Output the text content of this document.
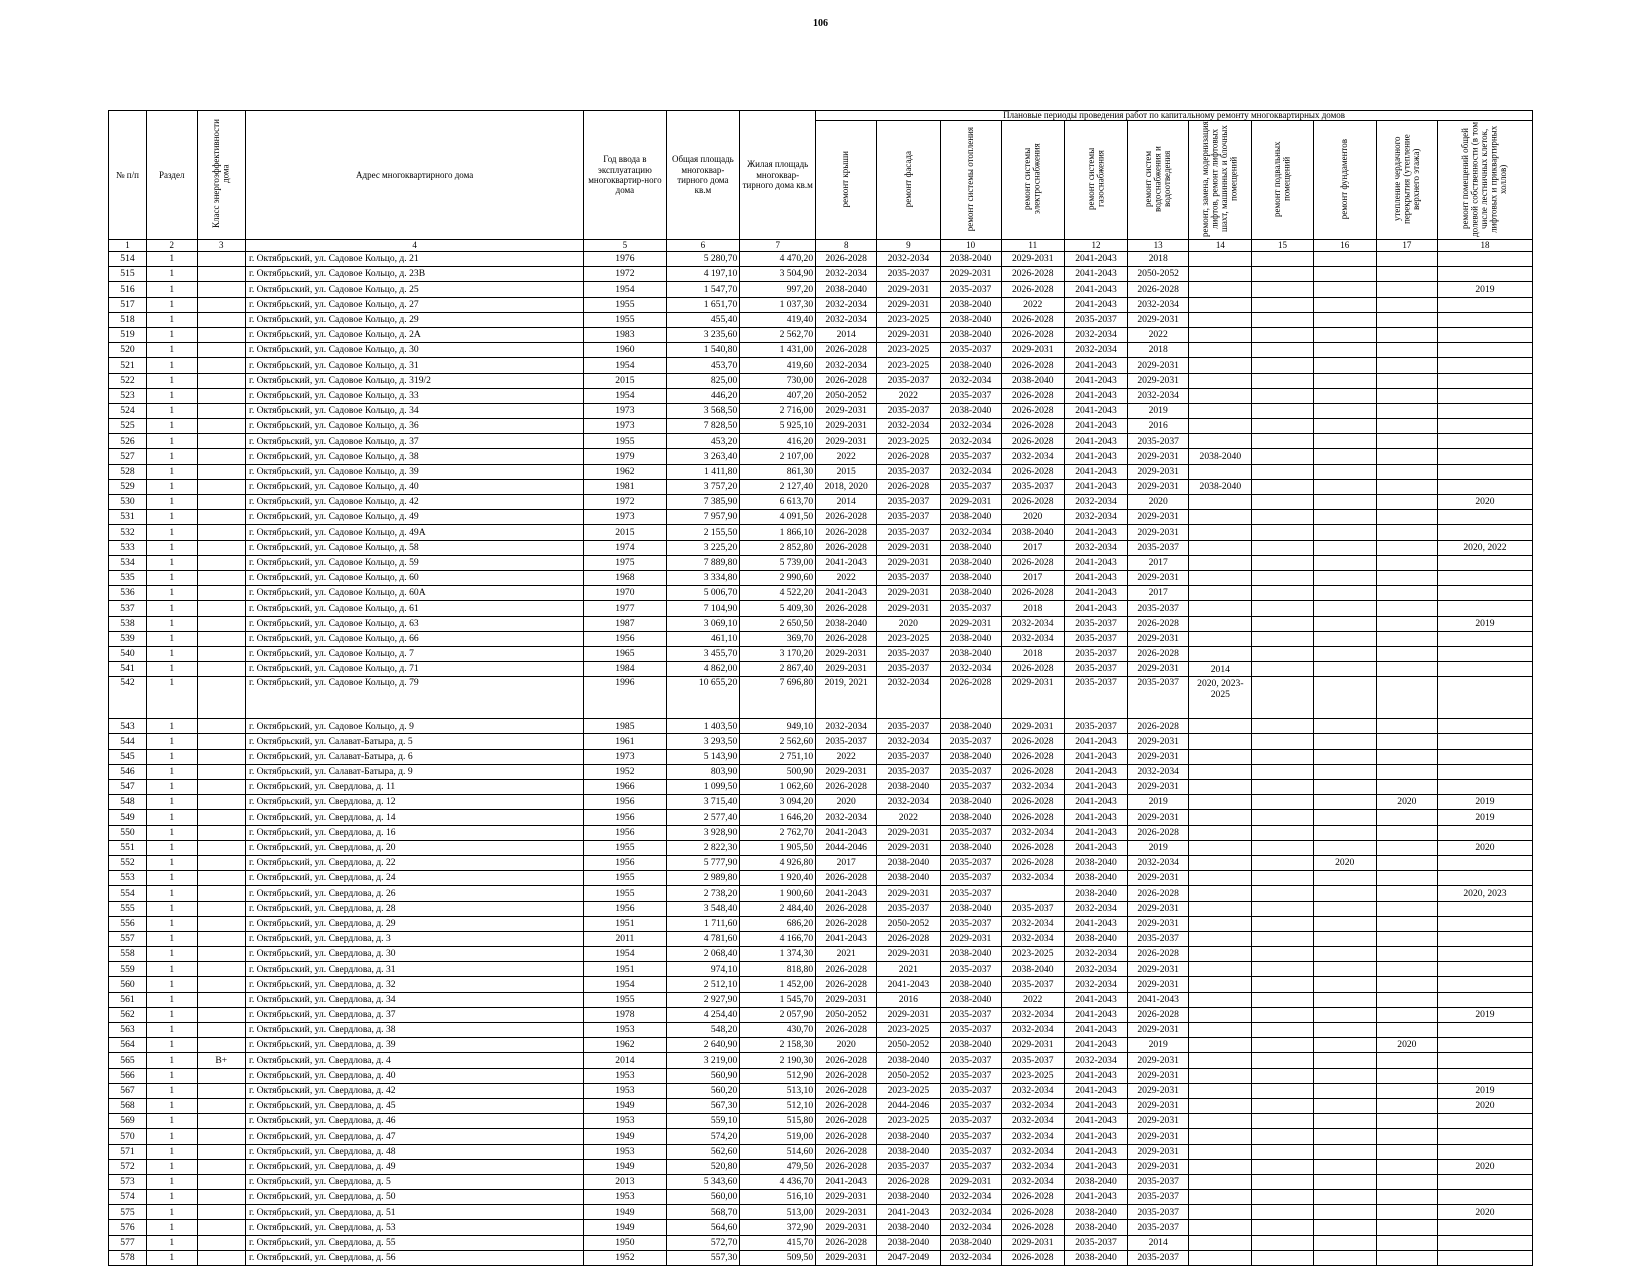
106
№ п/п	Раздел	Класс энергоэффективности дома	Адрес многоквартирного дома	Год ввода в эксплуатацию многоквартир-ного дома	Общая площадь многоквар-тирного дома кв.м	Жилая площадь многоквар-тирного дома кв.м	Плановые периоды проведения работ по капитальному ремонту многоквартирных домов										
							ремонт крыши	ремонт фасада	ремонт системы отопления	ремонт системы электроснабжения	ремонт системы газоснабжения	ремонт систем водоснабжения и водоотведения	ремонт, замена, модернизация лифтов, ремонт лифтовых шахт, машинных и блочных помещений	ремонт подвальных помещений	ремонт фундаментов	утепление чердачного перекрытия (утепление верхнего этажа)	ремонт помещений общей долевой собственности (в том числе лестничных клеток, лифтовых и приквартирных холлов)
1	2	3	4	5	6	7	8	9	10	11	12	13	14	15	16	17	18
514	1		г. Октябрьский, ул. Садовое Кольцо, д. 21	1976	5 280,70	4 470,20	2026-2028	2032-2034	2038-2040	2029-2031	2041-2043	2018					
515	1		г. Октябрьский, ул. Садовое Кольцо, д. 23В	1972	4 197,10	3 504,90	2032-2034	2035-2037	2029-2031	2026-2028	2041-2043	2050-2052					
516	1		г. Октябрьский, ул. Садовое Кольцо, д. 25	1954	1 547,70	997,20	2038-2040	2029-2031	2035-2037	2026-2028	2041-2043	2026-2028					2019
517	1		г. Октябрьский, ул. Садовое Кольцо, д. 27	1955	1 651,70	1 037,30	2032-2034	2029-2031	2038-2040	2022	2041-2043	2032-2034					
518	1		г. Октябрьский, ул. Садовое Кольцо, д. 29	1955	455,40	419,40	2032-2034	2023-2025	2038-2040	2026-2028	2035-2037	2029-2031					
519	1		г. Октябрьский, ул. Садовое Кольцо, д. 2А	1983	3 235,60	2 562,70	2014	2029-2031	2038-2040	2026-2028	2032-2034	2022					
520	1		г. Октябрьский, ул. Садовое Кольцо, д. 30	1960	1 540,80	1 431,00	2026-2028	2023-2025	2035-2037	2029-2031	2032-2034	2018					
521	1		г. Октябрьский, ул. Садовое Кольцо, д. 31	1954	453,70	419,60	2032-2034	2023-2025	2038-2040	2026-2028	2041-2043	2029-2031					
522	1		г. Октябрьский, ул. Садовое Кольцо, д. 319/2	2015	825,00	730,00	2026-2028	2035-2037	2032-2034	2038-2040	2041-2043	2029-2031					
523	1		г. Октябрьский, ул. Садовое Кольцо, д. 33	1954	446,20	407,20	2050-2052	2022	2035-2037	2026-2028	2041-2043	2032-2034					
524	1		г. Октябрьский, ул. Садовое Кольцо, д. 34	1973	3 568,50	2 716,00	2029-2031	2035-2037	2038-2040	2026-2028	2041-2043	2019					
525	1		г. Октябрьский, ул. Садовое Кольцо, д. 36	1973	7 828,50	5 925,10	2029-2031	2032-2034	2032-2034	2026-2028	2041-2043	2016					
526	1		г. Октябрьский, ул. Садовое Кольцо, д. 37	1955	453,20	416,20	2029-2031	2023-2025	2032-2034	2026-2028	2041-2043	2035-2037					
527	1		г. Октябрьский, ул. Садовое Кольцо, д. 38	1979	3 263,40	2 107,00	2022	2026-2028	2035-2037	2032-2034	2041-2043	2029-2031	2038-2040				
528	1		г. Октябрьский, ул. Садовое Кольцо, д. 39	1962	1 411,80	861,30	2015	2035-2037	2032-2034	2026-2028	2041-2043	2029-2031					
529	1		г. Октябрьский, ул. Садовое Кольцо, д. 40	1981	3 757,20	2 127,40	2018, 2020	2026-2028	2035-2037	2035-2037	2041-2043	2029-2031	2038-2040				
530	1		г. Октябрьский, ул. Садовое Кольцо, д. 42	1972	7 385,90	6 613,70	2014	2035-2037	2029-2031	2026-2028	2032-2034	2020					2020
531	1		г. Октябрьский, ул. Садовое Кольцо, д. 49	1973	7 957,90	4 091,50	2026-2028	2035-2037	2038-2040	2020	2032-2034	2029-2031					
532	1		г. Октябрьский, ул. Садовое Кольцо, д. 49А	2015	2 155,50	1 866,10	2026-2028	2035-2037	2032-2034	2038-2040	2041-2043	2029-2031					
533	1		г. Октябрьский, ул. Садовое Кольцо, д. 58	1974	3 225,20	2 852,80	2026-2028	2029-2031	2038-2040	2017	2032-2034	2035-2037					2020, 2022
534	1		г. Октябрьский, ул. Садовое Кольцо, д. 59	1975	7 889,80	5 739,00	2041-2043	2029-2031	2038-2040	2026-2028	2041-2043	2017					
535	1		г. Октябрьский, ул. Садовое Кольцо, д. 60	1968	3 334,80	2 990,60	2022	2035-2037	2038-2040	2017	2041-2043	2029-2031					
536	1		г. Октябрьский, ул. Садовое Кольцо, д. 60А	1970	5 006,70	4 522,20	2041-2043	2029-2031	2038-2040	2026-2028	2041-2043	2017					
537	1		г. Октябрьский, ул. Садовое Кольцо, д. 61	1977	7 104,90	5 409,30	2026-2028	2029-2031	2035-2037	2018	2041-2043	2035-2037					
538	1		г. Октябрьский, ул. Садовое Кольцо, д. 63	1987	3 069,10	2 650,50	2038-2040	2020	2029-2031	2032-2034	2035-2037	2026-2028					2019
539	1		г. Октябрьский, ул. Садовое Кольцо, д. 66	1956	461,10	369,70	2026-2028	2023-2025	2038-2040	2032-2034	2035-2037	2029-2031					
540	1		г. Октябрьский, ул. Садовое Кольцо, д. 7	1965	3 455,70	3 170,20	2029-2031	2035-2037	2038-2040	2018	2035-2037	2026-2028					
541	1		г. Октябрьский, ул. Садовое Кольцо, д. 71	1984	4 862,00	2 867,40	2029-2031	2035-2037	2032-2034	2026-2028	2035-2037	2029-2031	2014				
542	1		г. Октябрьский, ул. Садовое Кольцо, д. 79	1996	10 655,20	7 696,80	2019, 2021	2032-2034	2026-2028	2029-2031	2035-2037	2035-2037	2020, 2023-2025				
543	1		г. Октябрьский, ул. Садовое Кольцо, д. 9	1985	1 403,50	949,10	2032-2034	2035-2037	2038-2040	2029-2031	2035-2037	2026-2028					
544	1		г. Октябрьский, ул. Салават-Батыра, д. 5	1961	3 293,50	2 562,60	2035-2037	2032-2034	2035-2037	2026-2028	2041-2043	2029-2031					
545	1		г. Октябрьский, ул. Салават-Батыра, д. 6	1973	5 143,90	2 751,10	2022	2035-2037	2038-2040	2026-2028	2041-2043	2029-2031					
546	1		г. Октябрьский, ул. Салават-Батыра, д. 9	1952	803,90	500,90	2029-2031	2035-2037	2035-2037	2026-2028	2041-2043	2032-2034					
547	1		г. Октябрьский, ул. Свердлова, д. 11	1966	1 099,50	1 062,60	2026-2028	2038-2040	2035-2037	2032-2034	2041-2043	2029-2031					
548	1		г. Октябрьский, ул. Свердлова, д. 12	1956	3 715,40	3 094,20	2020	2032-2034	2038-2040	2026-2028	2041-2043	2019				2020	2019
549	1		г. Октябрьский, ул. Свердлова, д. 14	1956	2 577,40	1 646,20	2032-2034	2022	2038-2040	2026-2028	2041-2043	2029-2031					2019
550	1		г. Октябрьский, ул. Свердлова, д. 16	1956	3 928,90	2 762,70	2041-2043	2029-2031	2035-2037	2032-2034	2041-2043	2026-2028					
551	1		г. Октябрьский, ул. Свердлова, д. 20	1955	2 822,30	1 905,50	2044-2046	2029-2031	2038-2040	2026-2028	2041-2043	2019					2020
552	1		г. Октябрьский, ул. Свердлова, д. 22	1956	5 777,90	4 926,80	2017	2038-2040	2035-2037	2026-2028	2038-2040	2032-2034			2020		
553	1		г. Октябрьский, ул. Свердлова, д. 24	1955	2 989,80	1 920,40	2026-2028	2038-2040	2035-2037	2032-2034	2038-2040	2029-2031					
554	1		г. Октябрьский, ул. Свердлова, д. 26	1955	2 738,20	1 900,60	2041-2043	2029-2031	2035-2037		2038-2040	2026-2028					2020, 2023
555	1		г. Октябрьский, ул. Свердлова, д. 28	1956	3 548,40	2 484,40	2026-2028	2035-2037	2038-2040	2035-2037	2032-2034	2029-2031					
556	1		г. Октябрьский, ул. Свердлова, д. 29	1951	1 711,60	686,20	2026-2028	2050-2052	2035-2037	2032-2034	2041-2043	2029-2031					
557	1		г. Октябрьский, ул. Свердлова, д. 3	2011	4 781,60	4 166,70	2041-2043	2026-2028	2029-2031	2032-2034	2038-2040	2035-2037					
558	1		г. Октябрьский, ул. Свердлова, д. 30	1954	2 068,40	1 374,30	2021	2029-2031	2038-2040	2023-2025	2032-2034	2026-2028					
559	1		г. Октябрьский, ул. Свердлова, д. 31	1951	974,10	818,80	2026-2028	2021	2035-2037	2038-2040	2032-2034	2029-2031					
560	1		г. Октябрьский, ул. Свердлова, д. 32	1954	2 512,10	1 452,00	2026-2028	2041-2043	2038-2040	2035-2037	2032-2034	2029-2031					
561	1		г. Октябрьский, ул. Свердлова, д. 34	1955	2 927,90	1 545,70	2029-2031	2016	2038-2040	2022	2041-2043	2041-2043					
562	1		г. Октябрьский, ул. Свердлова, д. 37	1978	4 254,40	2 057,90	2050-2052	2029-2031	2035-2037	2032-2034	2041-2043	2026-2028					2019
563	1		г. Октябрьский, ул. Свердлова, д. 38	1953	548,20	430,70	2026-2028	2023-2025	2035-2037	2032-2034	2041-2043	2029-2031					
564	1		г. Октябрьский, ул. Свердлова, д. 39	1962	2 640,90	2 158,30	2020	2050-2052	2038-2040	2029-2031	2041-2043	2019				2020	
565	1	В+	г. Октябрьский, ул. Свердлова, д. 4	2014	3 219,00	2 190,30	2026-2028	2038-2040	2035-2037	2035-2037	2032-2034	2029-2031					
566	1		г. Октябрьский, ул. Свердлова, д. 40	1953	560,90	512,90	2026-2028	2050-2052	2035-2037	2023-2025	2041-2043	2029-2031					
567	1		г. Октябрьский, ул. Свердлова, д. 42	1953	560,20	513,10	2026-2028	2023-2025	2035-2037	2032-2034	2041-2043	2029-2031					2019
568	1		г. Октябрьский, ул. Свердлова, д. 45	1949	567,30	512,10	2026-2028	2044-2046	2035-2037	2032-2034	2041-2043	2029-2031					2020
569	1		г. Октябрьский, ул. Свердлова, д. 46	1953	559,10	515,80	2026-2028	2023-2025	2035-2037	2032-2034	2041-2043	2029-2031					
570	1		г. Октябрьский, ул. Свердлова, д. 47	1949	574,20	519,00	2026-2028	2038-2040	2035-2037	2032-2034	2041-2043	2029-2031					
571	1		г. Октябрьский, ул. Свердлова, д. 48	1953	562,60	514,60	2026-2028	2038-2040	2035-2037	2032-2034	2041-2043	2029-2031					
572	1		г. Октябрьский, ул. Свердлова, д. 49	1949	520,80	479,50	2026-2028	2035-2037	2035-2037	2032-2034	2041-2043	2029-2031					2020
573	1		г. Октябрьский, ул. Свердлова, д. 5	2013	5 343,60	4 436,70	2041-2043	2026-2028	2029-2031	2032-2034	2038-2040	2035-2037					
574	1		г. Октябрьский, ул. Свердлова, д. 50	1953	560,00	516,10	2029-2031	2038-2040	2032-2034	2026-2028	2041-2043	2035-2037					
575	1		г. Октябрьский, ул. Свердлова, д. 51	1949	568,70	513,00	2029-2031	2041-2043	2032-2034	2026-2028	2038-2040	2035-2037					2020
576	1		г. Октябрьский, ул. Свердлова, д. 53	1949	564,60	372,90	2029-2031	2038-2040	2032-2034	2026-2028	2038-2040	2035-2037					
577	1		г. Октябрьский, ул. Свердлова, д. 55	1950	572,70	415,70	2026-2028	2038-2040	2038-2040	2029-2031	2035-2037	2014					
578	1		г. Октябрьский, ул. Свердлова, д. 56	1952	557,30	509,50	2029-2031	2047-2049	2032-2034	2026-2028	2038-2040	2035-2037					
